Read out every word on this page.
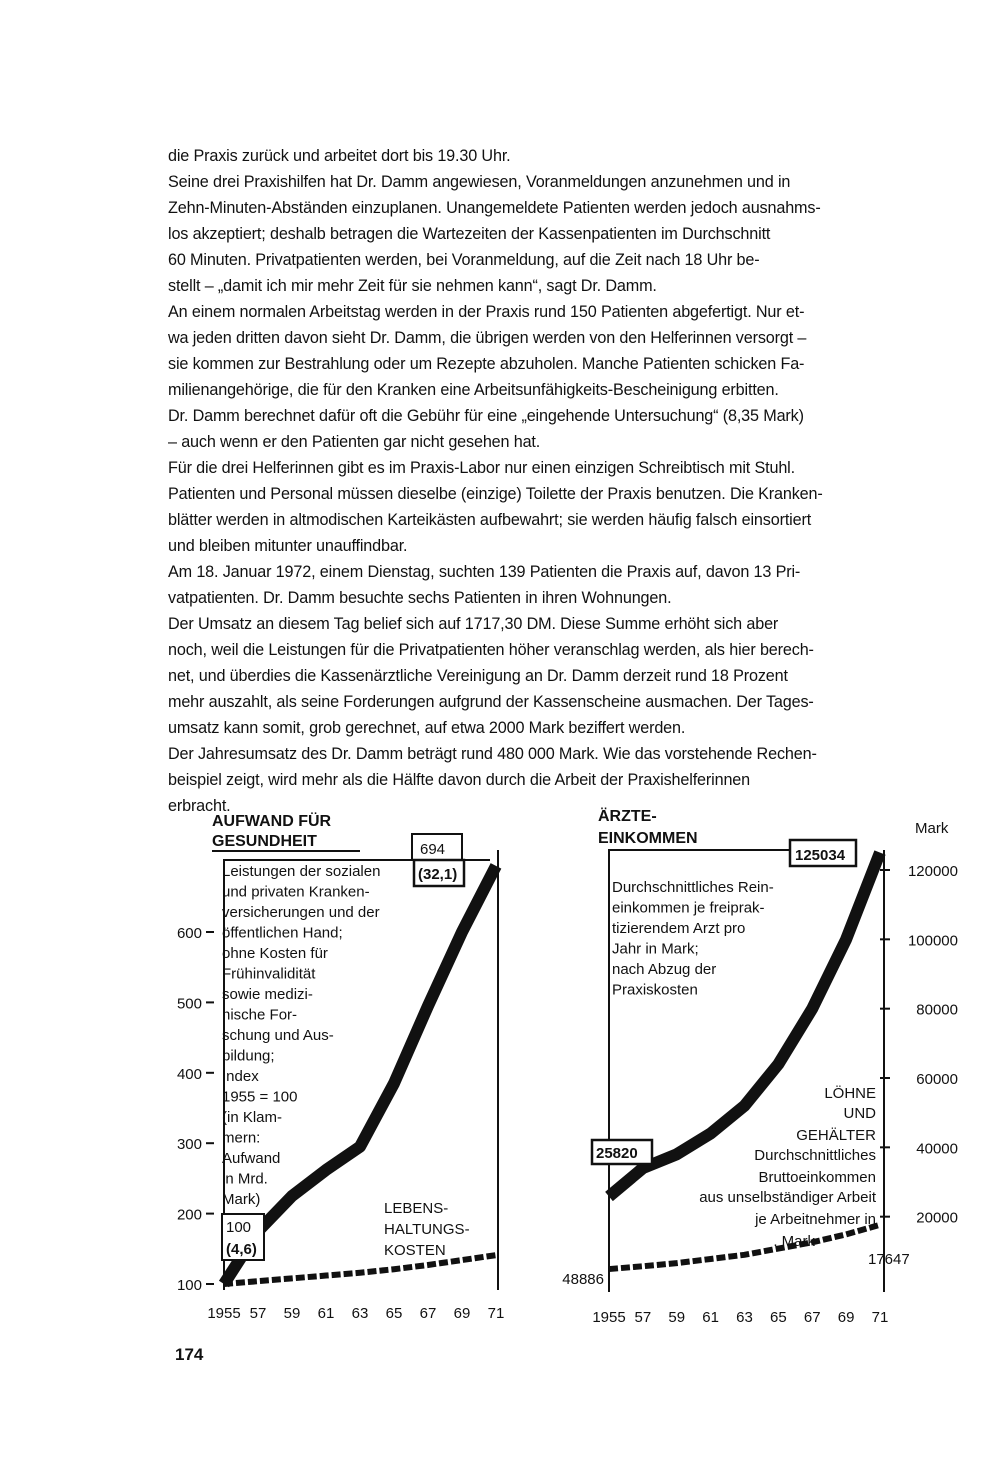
die Praxis zurück und arbeitet dort bis 19.30 Uhr.
Seine drei Praxishilfen hat Dr. Damm angewiesen, Voranmeldungen anzunehmen und in
Zehn-Minuten-Abständen einzuplanen. Unangemeldete Patienten werden jedoch ausnahms-
los akzeptiert; deshalb betragen die Wartezeiten der Kassenpatienten im Durchschnitt
60 Minuten. Privatpatienten werden, bei Voranmeldung, auf die Zeit nach 18 Uhr be-
stellt – „damit ich mir mehr Zeit für sie nehmen kann“, sagt Dr. Damm.
An einem normalen Arbeitstag werden in der Praxis rund 150 Patienten abgefertigt. Nur et-
wa jeden dritten davon sieht Dr. Damm, die übrigen werden von den Helferinnen versorgt –
sie kommen zur Bestrahlung oder um Rezepte abzuholen. Manche Patienten schicken Fa-
milienangehörige, die für den Kranken eine Arbeitsunfähigkeits-Bescheinigung erbitten.
Dr. Damm berechnet dafür oft die Gebühr für eine „eingehende Untersuchung“ (8,35 Mark)
– auch wenn er den Patienten gar nicht gesehen hat.
Für die drei Helferinnen gibt es im Praxis-Labor nur einen einzigen Schreibtisch mit Stuhl.
Patienten und Personal müssen dieselbe (einzige) Toilette der Praxis benutzen. Die Kranken-
blätter werden in altmodischen Karteikästen aufbewahrt; sie werden häufig falsch einsortiert
und bleiben mitunter unauffindbar.
Am 18. Januar 1972, einem Dienstag, suchten 139 Patienten die Praxis auf, davon 13 Pri-
vatpatienten. Dr. Damm besuchte sechs Patienten in ihren Wohnungen.
Der Umsatz an diesem Tag belief sich auf 1717,30 DM. Diese Summe erhöht sich aber
noch, weil die Leistungen für die Privatpatienten höher veranschlag werden, als hier berech-
net, und überdies die Kassenärztliche Vereinigung an Dr. Damm derzeit rund 18 Prozent
mehr auszahlt, als seine Forderungen aufgrund der Kassenscheine ausmachen. Der Tages-
umsatz kann somit, grob gerechnet, auf etwa 2000 Mark beziffert werden.
Der Jahresumsatz des Dr. Damm beträgt rund 480 000 Mark. Wie das vorstehende Rechen-
beispiel zeigt, wird mehr als die Hälfte davon durch die Arbeit der Praxishelferinnen
erbracht.
AUFWAND FÜR
GESUNDHEIT
100
200
300
400
500
600
1955 57 59 61 63 65 67 69 71
100
(4,6)
694
(32,1)
Leistungen der sozialen
und privaten Kranken-
versicherungen und der
öffentlichen Hand;
ohne Kosten für
Frühinvalidität
sowie medizi-
nische For-
schung und Aus-
bildung;
Index
1955 = 100
(in Klam-
mern:
Aufwand
in Mrd.
Mark)
LEBENS-
HALTUNGS-
KOSTEN
ÄRZTE-
EINKOMMEN
Mark
20000
40000
60000
80000
100000
120000
1955 57 59 61 63 65 67 69 71
125034
25820
48886
17647
Durchschnittliches Rein-
einkommen je freiprak-
tizierendem Arzt pro
Jahr in Mark;
nach Abzug der
Praxiskosten
LÖHNE
UND
GEHÄLTER
Durchschnittliches
Bruttoeinkommen
aus unselbständiger Arbeit
je Arbeitnehmer in
. Mark
174
